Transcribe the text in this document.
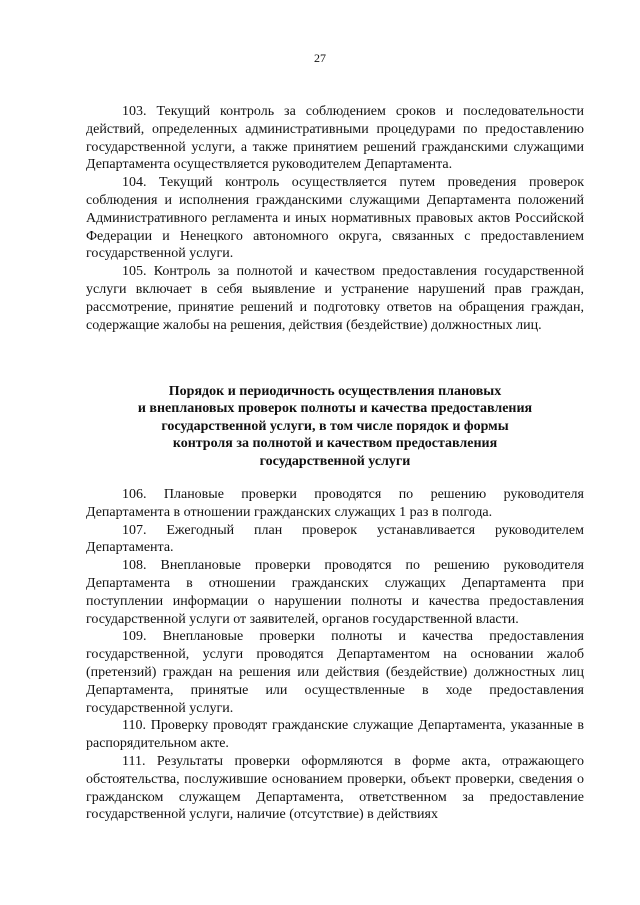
27

103. Текущий контроль за соблюдением сроков и последовательности действий, определенных административными процедурами по предоставлению государственной услуги, а также принятием решений гражданскими служащими Департамента осуществляется руководителем Департамента.

104. Текущий контроль осуществляется путем проведения проверок соблюдения и исполнения гражданскими служащими Департамента положений Административного регламента и иных нормативных правовых актов Российской Федерации и Ненецкого автономного округа, связанных с предоставлением государственной услуги.

105. Контроль за полнотой и качеством предоставления государственной услуги включает в себя выявление и устранение нарушений прав граждан, рассмотрение, принятие решений и подготовку ответов на обращения граждан, содержащие жалобы на решения, действия (бездействие) должностных лиц.

Порядок и периодичность осуществления плановых
и внеплановых проверок полноты и качества предоставления
государственной услуги, в том числе порядок и формы
контроля за полнотой и качеством предоставления
государственной услуги

106. Плановые проверки проводятся по решению руководителя Департамента в отношении гражданских служащих 1 раз в полгода.

107. Ежегодный план проверок устанавливается руководителем Департамента.

108. Внеплановые проверки проводятся по решению руководителя Департамента в отношении гражданских служащих Департамента при поступлении информации о нарушении полноты и качества предоставления государственной услуги от заявителей, органов государственной власти.

109. Внеплановые проверки полноты и качества предоставления государственной, услуги проводятся Департаментом на основании жалоб (претензий) граждан на решения или действия (бездействие) должностных лиц Департамента, принятые или осуществленные в ходе предоставления государственной услуги.

110. Проверку проводят гражданские служащие Департамента, указанные в распорядительном акте.

111. Результаты проверки оформляются в форме акта, отражающего обстоятельства, послужившие основанием проверки, объект проверки, сведения о гражданском служащем Департамента, ответственном за предоставление государственной услуги, наличие (отсутствие) в действиях
